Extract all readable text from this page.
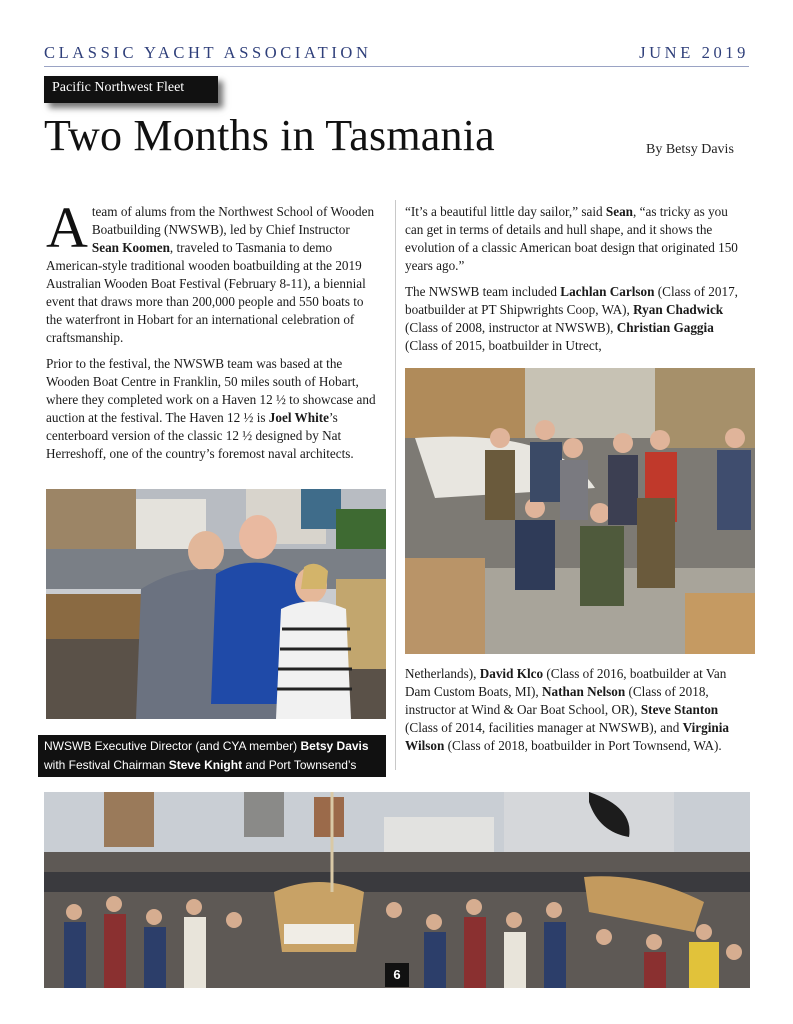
CLASSIC YACHT ASSOCIATION	JUNE 2019
Pacific Northwest Fleet
Two Months in Tasmania	By Betsy Davis

A team of alums from the Northwest School of Wooden Boatbuilding (NWSWB), led by Chief Instructor Sean Koomen, traveled to Tasmania to demo American-style traditional wooden boatbuilding at the 2019 Australian Wooden Boat Festival (February 8-11), a biennial event that draws more than 200,000 people and 550 boats to the waterfront in Hobart for an international celebration of craftsmanship.

Prior to the festival, the NWSWB team was based at the Wooden Boat Centre in Franklin, 50 miles south of Hobart, where they completed work on a Haven 12 ½ to showcase and auction at the festival. The Haven 12 ½ is Joel White’s centerboard version of the classic 12 ½ designed by Nat Herreshoff, one of the country’s foremost naval architects.

“It’s a beautiful little day sailor,” said Sean, “as tricky as you can get in terms of details and hull shape, and it shows the evolution of a classic American boat design that originated 150 years ago.”

The NWSWB team included Lachlan Carlson (Class of 2017, boatbuilder at PT Shipwrights Coop, WA), Ryan Chadwick (Class of 2008, instructor at NWSWB), Christian Gaggia (Class of 2015, boatbuilder in Utrect,

Netherlands), David Klco (Class of 2016, boatbuilder at Van Dam Custom Boats, MI), Nathan Nelson (Class of 2018, instructor at Wind & Oar Boat School, OR), Steve Stanton (Class of 2014, facilities manager at NWSWB), and Virginia Wilson (Class of 2018, boatbuilder in Port Townsend, WA).

NWSWB Executive Director (and CYA member) Betsy Davis with Festival Chairman Steve Knight and Port Townsend’s Kaci Cronkhite
6
